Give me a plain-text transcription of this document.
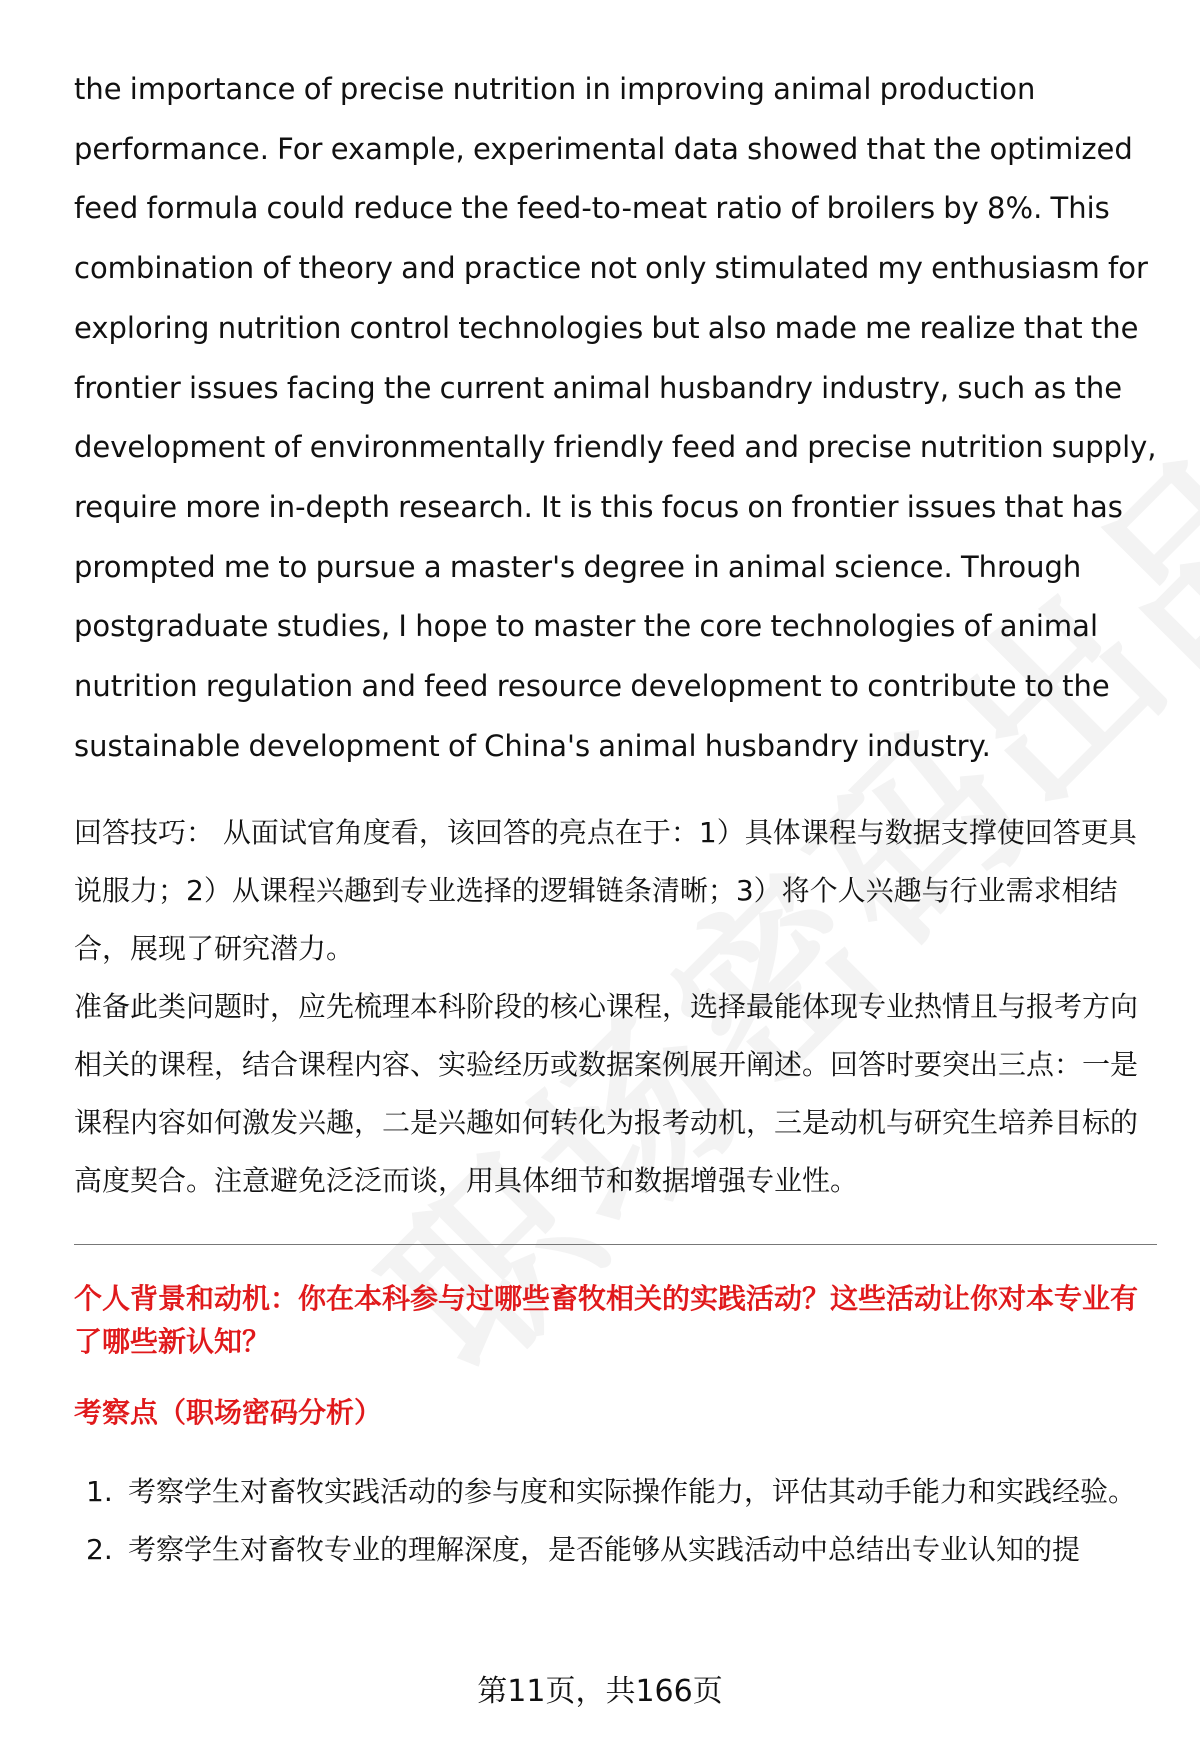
the importance of precise nutrition in improving animal production performance. For example, experimental data showed that the optimized feed formula could reduce the feed-to-meat ratio of broilers by 8%. This combination of theory and practice not only stimulated my enthusiasm for exploring nutrition control technologies but also made me realize that the frontier issues facing the current animal husbandry industry, such as the development of environmentally friendly feed and precise nutrition supply, require more in-depth research. It is this focus on frontier issues that has prompted me to pursue a master's degree in animal science. Through postgraduate studies, I hope to master the core technologies of animal nutrition regulation and feed resource development to contribute to the sustainable development of China's animal husbandry industry.

回答技巧： 从面试官角度看，该回答的亮点在于：1）具体课程与数据支撑使回答更具说服力；2）从课程兴趣到专业选择的逻辑链条清晰；3）将个人兴趣与行业需求相结合，展现了研究潜力。

准备此类问题时，应先梳理本科阶段的核心课程，选择最能体现专业热情且与报考方向相关的课程，结合课程内容、实验经历或数据案例展开阐述。回答时要突出三点：一是课程内容如何激发兴趣，二是兴趣如何转化为报考动机，三是动机与研究生培养目标的高度契合。注意避免泛泛而谈，用具体细节和数据增强专业性。

个人背景和动机：你在本科参与过哪些畜牧相关的实践活动？这些活动让你对本专业有了哪些新认知？
考察点（职场密码分析）
1. 考察学生对畜牧实践活动的参与度和实际操作能力，评估其动手能力和实践经验。
2. 考察学生对畜牧专业的理解深度，是否能够从实践活动中总结出专业认知的提
第11页，共166页
